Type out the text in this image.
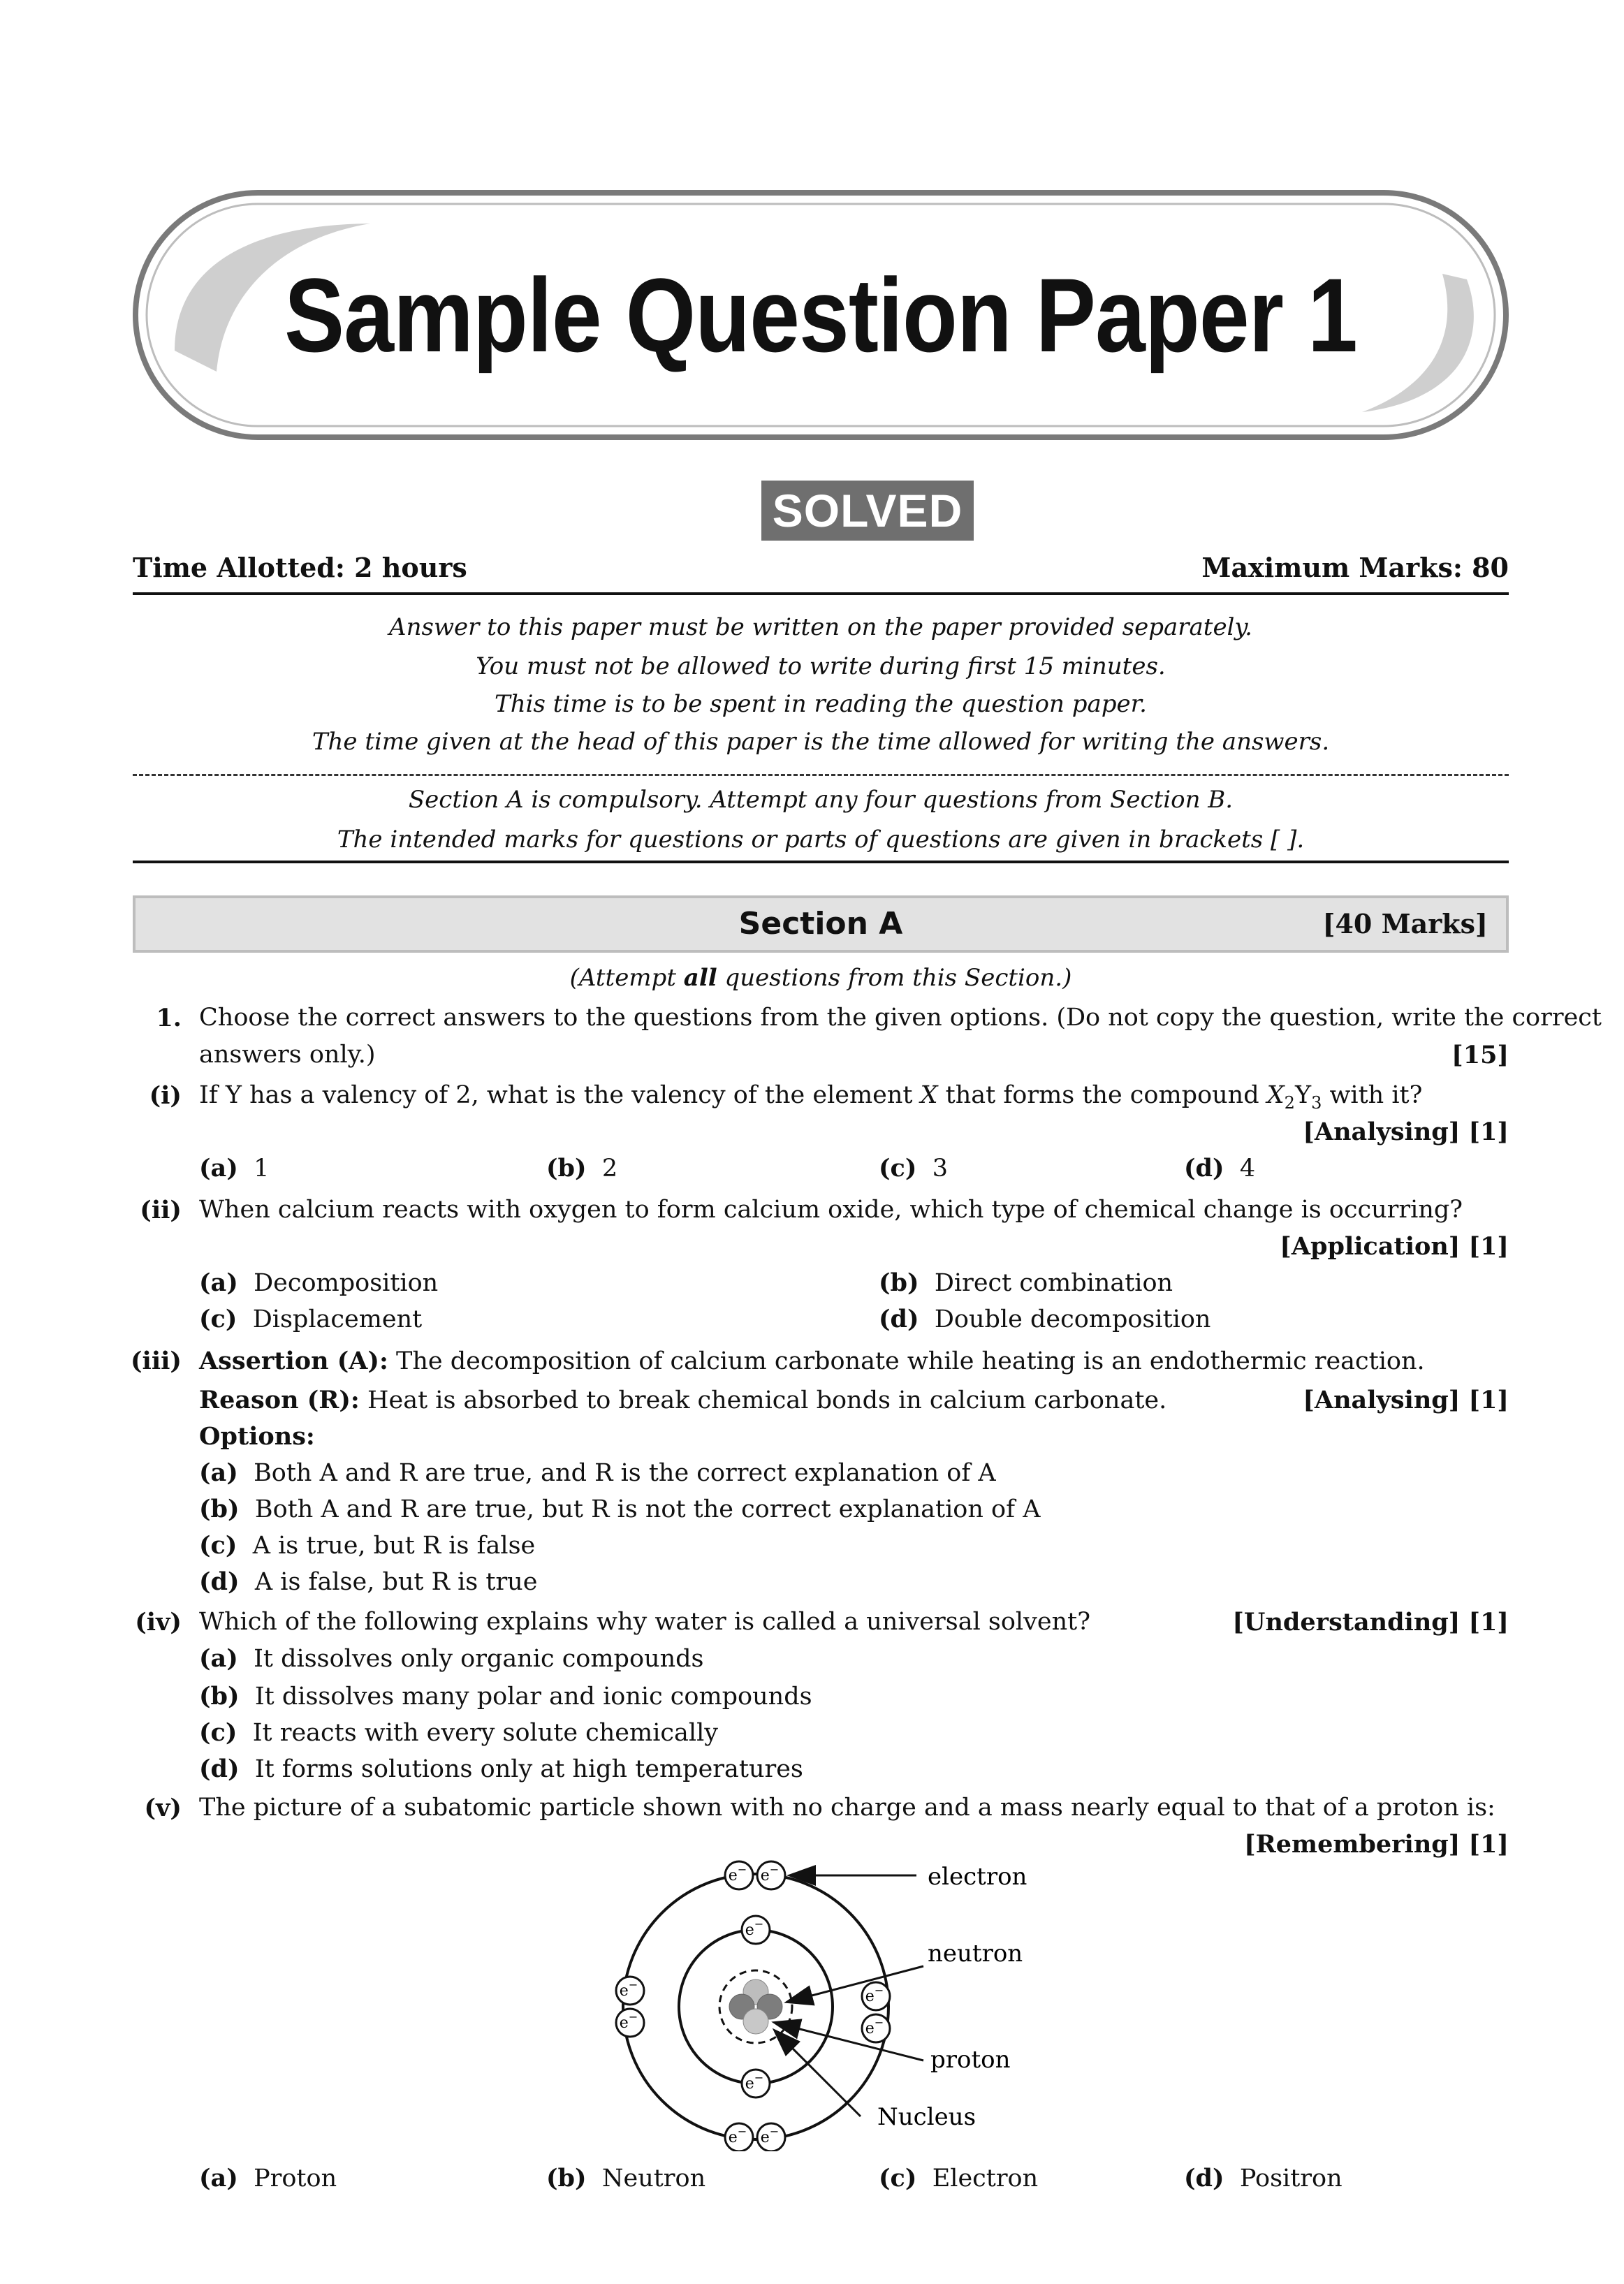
Sample Question Paper 1
SOLVED
Time Allotted: 2 hours	Maximum Marks: 80
Answer to this paper must be written on the paper provided separately.
You must not be allowed to write during first 15 minutes.
This time is to be spent in reading the question paper.
The time given at the head of this paper is the time allowed for writing the answers.
Section A is compulsory. Attempt any four questions from Section B.
The intended marks for questions or parts of questions are given in brackets [ ].
Section A	[40 Marks]
(Attempt all questions from this Section.)
1. Choose the correct answers to the questions from the given options. (Do not copy the question, write the correct
answers only.)	[15]
(i) If Y has a valency of 2, what is the valency of the element X that forms the compound $X_2Y_3$ with it?
[Analysing] [1]
(a) 1	(b) 2	(c) 3	(d) 4
(ii) When calcium reacts with oxygen to form calcium oxide, which type of chemical change is occurring?
[Application] [1]
(a) Decomposition	(b) Direct combination
(c) Displacement	(d) Double decomposition
(iii) Assertion (A): The decomposition of calcium carbonate while heating is an endothermic reaction.
Reason (R): Heat is absorbed to break chemical bonds in calcium carbonate.	[Analysing] [1]
Options:
(a) Both A and R are true, and R is the correct explanation of A
(b) Both A and R are true, but R is not the correct explanation of A
(c) A is true, but R is false
(d) A is false, but R is true
(iv) Which of the following explains why water is called a universal solvent?	[Understanding] [1]
(a) It dissolves only organic compounds
(b) It dissolves many polar and ionic compounds
(c) It reacts with every solute chemically
(d) It forms solutions only at high temperatures
(v) The picture of a subatomic particle shown with no charge and a mass nearly equal to that of a proton is:
[Remembering] [1]
e− e−
e−
e−
e−
e−
e−
e−
e− e−
electron
neutron
proton
Nucleus
(a) Proton	(b) Neutron	(c) Electron	(d) Positron
